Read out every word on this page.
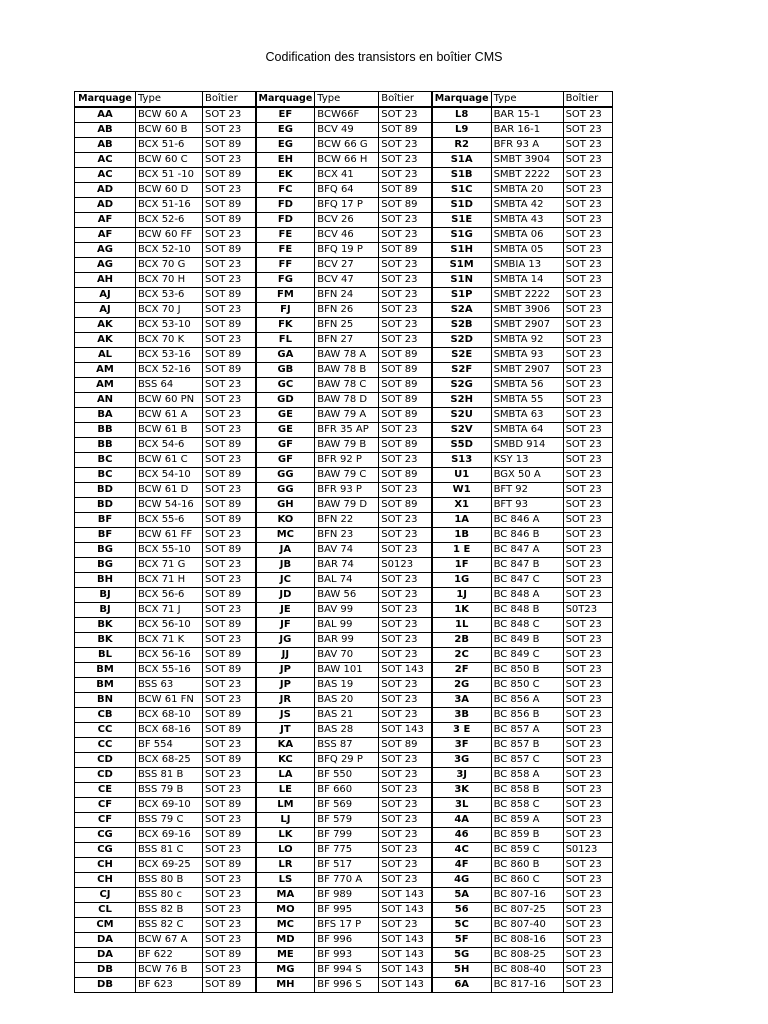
Codification des transistors en boîtier CMS
Marquage	Type	Boîtier	Marquage	Type	Boîtier	Marquage	Type	Boîtier
AA	BCW 60 A	SOT 23	EF	BCW66F	SOT 23	L8	BAR 15-1	SOT 23
AB	BCW 60 B	SOT 23	EG	BCV 49	SOT 89	L9	BAR 16-1	SOT 23
AB	BCX 51-6	SOT 89	EG	BCW 66 G	SOT 23	R2	BFR 93 A	SOT 23
AC	BCW 60 C	SOT 23	EH	BCW 66 H	SOT 23	S1A	SMBT 3904	SOT 23
AC	BCX 51 -10	SOT 89	EK	BCX 41	SOT 23	S1B	SMBT 2222	SOT 23
AD	BCW 60 D	SOT 23	FC	BFQ 64	SOT 89	S1C	SMBTA 20	SOT 23
AD	BCX 51-16	SOT 89	FD	BFQ 17 P	SOT 89	S1D	SMBTA 42	SOT 23
AF	BCX 52-6	SOT 89	FD	BCV 26	SOT 23	S1E	SMBTA 43	SOT 23
AF	BCW 60 FF	SOT 23	FE	BCV 46	SOT 23	S1G	SMBTA 06	SOT 23
AG	BCX 52-10	SOT 89	FE	BFQ 19 P	SOT 89	S1H	SMBTA 05	SOT 23
AG	BCX 70 G	SOT 23	FF	BCV 27	SOT 23	S1M	SMBIA 13	SOT 23
AH	BCX 70 H	SOT 23	FG	BCV 47	SOT 23	S1N	SMBTA 14	SOT 23
AJ	BCX 53-6	SOT 89	FM	BFN 24	SOT 23	S1P	SMBT 2222	SOT 23
AJ	BCX 70 J	SOT 23	FJ	BFN 26	SOT 23	S2A	SMBT 3906	SOT 23
AK	BCX 53-10	SOT 89	FK	BFN 25	SOT 23	S2B	SMBT 2907	SOT 23
AK	BCX 70 K	SOT 23	FL	BFN 27	SOT 23	S2D	SMBTA 92	SOT 23
AL	BCX 53-16	SOT 89	GA	BAW 78 A	SOT 89	S2E	SMBTA 93	SOT 23
AM	BCX 52-16	SOT 89	GB	BAW 78 B	SOT 89	S2F	SMBT 2907	SOT 23
AM	BSS 64	SOT 23	GC	BAW 78 C	SOT 89	S2G	SMBTA 56	SOT 23
AN	BCW 60 PN	SOT 23	GD	BAW 78 D	SOT 89	S2H	SMBTA 55	SOT 23
BA	BCW 61 A	SOT 23	GE	BAW 79 A	SOT 89	S2U	SMBTA 63	SOT 23
BB	BCW 61 B	SOT 23	GE	BFR 35 AP	SOT 23	S2V	SMBTA 64	SOT 23
BB	BCX 54-6	SOT 89	GF	BAW 79 B	SOT 89	S5D	SMBD 914	SOT 23
BC	BCW 61 C	SOT 23	GF	BFR 92 P	SOT 23	S13	KSY 13	SOT 23
BC	BCX 54-10	SOT 89	GG	BAW 79 C	SOT 89	U1	BGX 50 A	SOT 23
BD	BCW 61 D	SOT 23	GG	BFR 93 P	SOT 23	W1	BFT 92	SOT 23
BD	BCW 54-16	SOT 89	GH	BAW 79 D	SOT 89	X1	BFT 93	SOT 23
BF	BCX 55-6	SOT 89	KO	BFN 22	SOT 23	1A	BC 846 A	SOT 23
BF	BCW 61 FF	SOT 23	MC	BFN 23	SOT 23	1B	BC 846 B	SOT 23
BG	BCX 55-10	SOT 89	JA	BAV 74	SOT 23	1 E	BC 847 A	SOT 23
BG	BCX 71 G	SOT 23	JB	BAR 74	S0123	1F	BC 847 B	SOT 23
BH	BCX 71 H	SOT 23	JC	BAL 74	SOT 23	1G	BC 847 C	SOT 23
BJ	BCX 56-6	SOT 89	JD	BAW 56	SOT 23	1J	BC 848 A	SOT 23
BJ	BCX 71 J	SOT 23	JE	BAV 99	SOT 23	1K	BC 848 B	S0T23
BK	BCX 56-10	SOT 89	JF	BAL 99	SOT 23	1L	BC 848 C	SOT 23
BK	BCX 71 K	SOT 23	JG	BAR 99	SOT 23	2B	BC 849 B	SOT 23
BL	BCX 56-16	SOT 89	JJ	BAV 70	SOT 23	2C	BC 849 C	SOT 23
BM	BCX 55-16	SOT 89	JP	BAW 101	SOT 143	2F	BC 850 B	SOT 23
BM	BSS 63	SOT 23	JP	BAS 19	SOT 23	2G	BC 850 C	SOT 23
BN	BCW 61 FN	SOT 23	JR	BAS 20	SOT 23	3A	BC 856 A	SOT 23
CB	BCX 68-10	SOT 89	JS	BAS 21	SOT 23	3B	BC 856 B	SOT 23
CC	BCX 68-16	SOT 89	JT	BAS 28	SOT 143	3 E	BC 857 A	SOT 23
CC	BF 554	SOT 23	KA	BSS 87	SOT 89	3F	BC 857 B	SOT 23
CD	BCX 68-25	SOT 89	KC	BFQ 29 P	SOT 23	3G	BC 857 C	SOT 23
CD	BSS 81 B	SOT 23	LA	BF 550	SOT 23	3J	BC 858 A	SOT 23
CE	BSS 79 B	SOT 23	LE	BF 660	SOT 23	3K	BC 858 B	SOT 23
CF	BCX 69-10	SOT 89	LM	BF 569	SOT 23	3L	BC 858 C	SOT 23
CF	BSS 79 C	SOT 23	LJ	BF 579	SOT 23	4A	BC 859 A	SOT 23
CG	BCX 69-16	SOT 89	LK	BF 799	SOT 23	46	BC 859 B	SOT 23
CG	BSS 81 C	SOT 23	LO	BF 775	SOT 23	4C	BC 859 C	S0123
CH	BCX 69-25	SOT 89	LR	BF 517	SOT 23	4F	BC 860 B	SOT 23
CH	BSS 80 B	SOT 23	LS	BF 770 A	SOT 23	4G	BC 860 C	SOT 23
CJ	BSS 80 c	SOT 23	MA	BF 989	SOT 143	5A	BC 807-16	SOT 23
CL	BSS 82 B	SOT 23	MO	BF 995	SOT 143	56	BC 807-25	SOT 23
CM	BSS 82 C	SOT 23	MC	BFS 17 P	SOT 23	5C	BC 807-40	SOT 23
DA	BCW 67 A	SOT 23	MD	BF 996	SOT 143	5F	BC 808-16	SOT 23
DA	BF 622	SOT 89	ME	BF 993	SOT 143	5G	BC 808-25	SOT 23
DB	BCW 76 B	SOT 23	MG	BF 994 S	SOT 143	5H	BC 808-40	SOT 23
DB	BF 623	SOT 89	MH	BF 996 S	SOT 143	6A	BC 817-16	SOT 23
